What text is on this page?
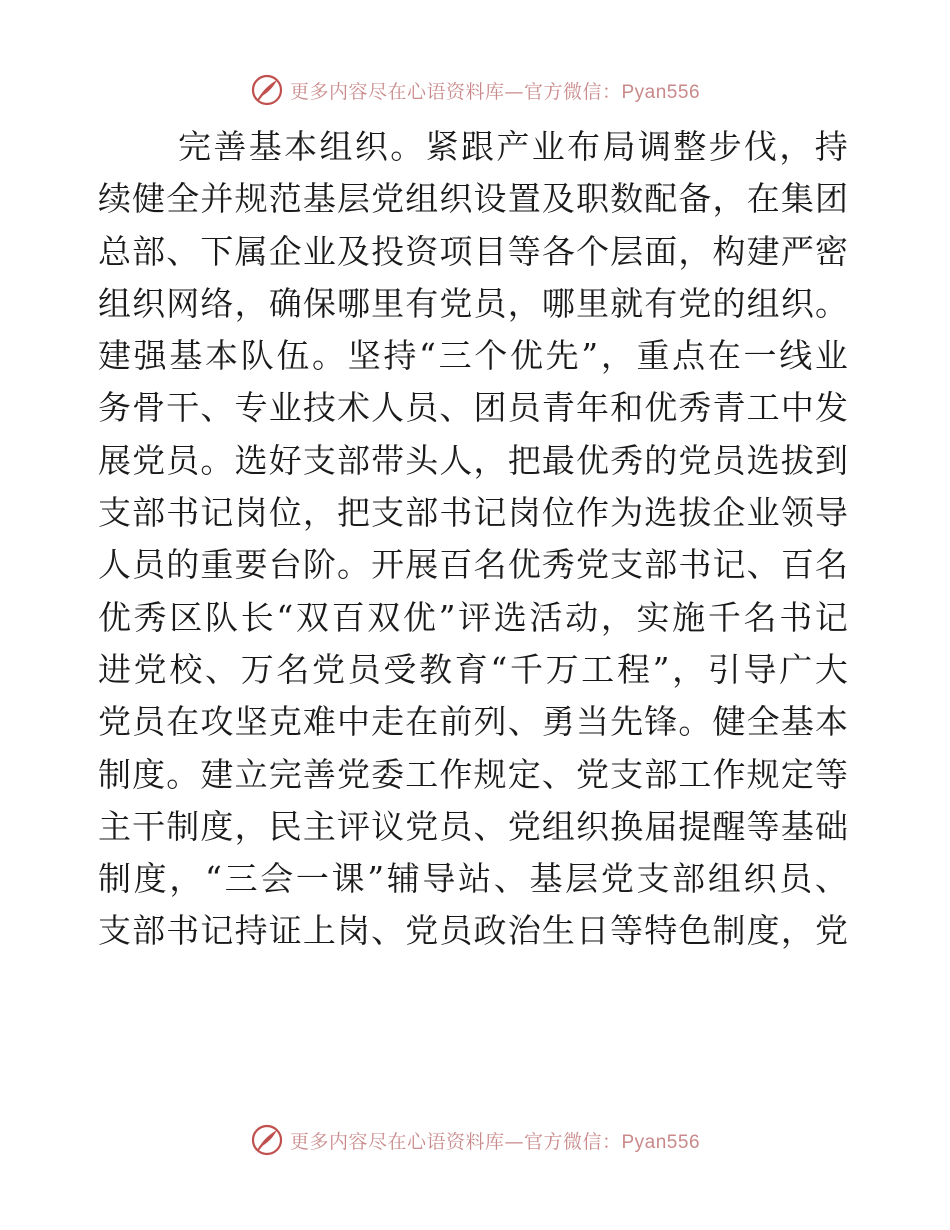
更多内容尽在心语资料库—官方微信：Pyan556
完 善 基 本 组 织 。 紧 跟 产 业 布 局 调 整 步 伐 ， 持
续 健 全 并 规 范 基 层 党 组 织 设 置 及 职 数 配 备 ， 在 集 团
总 部 、 下 属 企 业 及 投 资 项 目 等 各 个 层 面 ， 构 建 严 密
组 织 网 络 ， 确 保 哪 里 有 党 员 ， 哪 里 就 有 党 的 组 织 。
建 强 基 本 队 伍 。 坚 持 “ 三 个 优 先 ” ， 重 点 在 一 线 业
务 骨 干 、 专 业 技 术 人 员 、 团 员 青 年 和 优 秀 青 工 中 发
展 党 员 。 选 好 支 部 带 头 人 ， 把 最 优 秀 的 党 员 选 拔 到
支 部 书 记 岗 位 ， 把 支 部 书 记 岗 位 作 为 选 拔 企 业 领 导
人 员 的 重 要 台 阶 。 开 展 百 名 优 秀 党 支 部 书 记 、 百 名
优 秀 区 队 长 “ 双 百 双 优 ” 评 选 活 动 ， 实 施 千 名 书 记
进 党 校 、 万 名 党 员 受 教 育 “ 千 万 工 程 ” ， 引 导 广 大
党 员 在 攻 坚 克 难 中 走 在 前 列 、 勇 当 先 锋 。 健 全 基 本
制 度 。 建 立 完 善 党 委 工 作 规 定 、 党 支 部 工 作 规 定 等
主 干 制 度 ， 民 主 评 议 党 员 、 党 组 织 换 届 提 醒 等 基 础
制 度 ， “ 三 会 一 课 ” 辅 导 站 、 基 层 党 支 部 组 织 员 、
支 部 书 记 持 证 上 岗 、 党 员 政 治 生 日 等 特 色 制 度 ， 党
更多内容尽在心语资料库—官方微信：Pyan556
